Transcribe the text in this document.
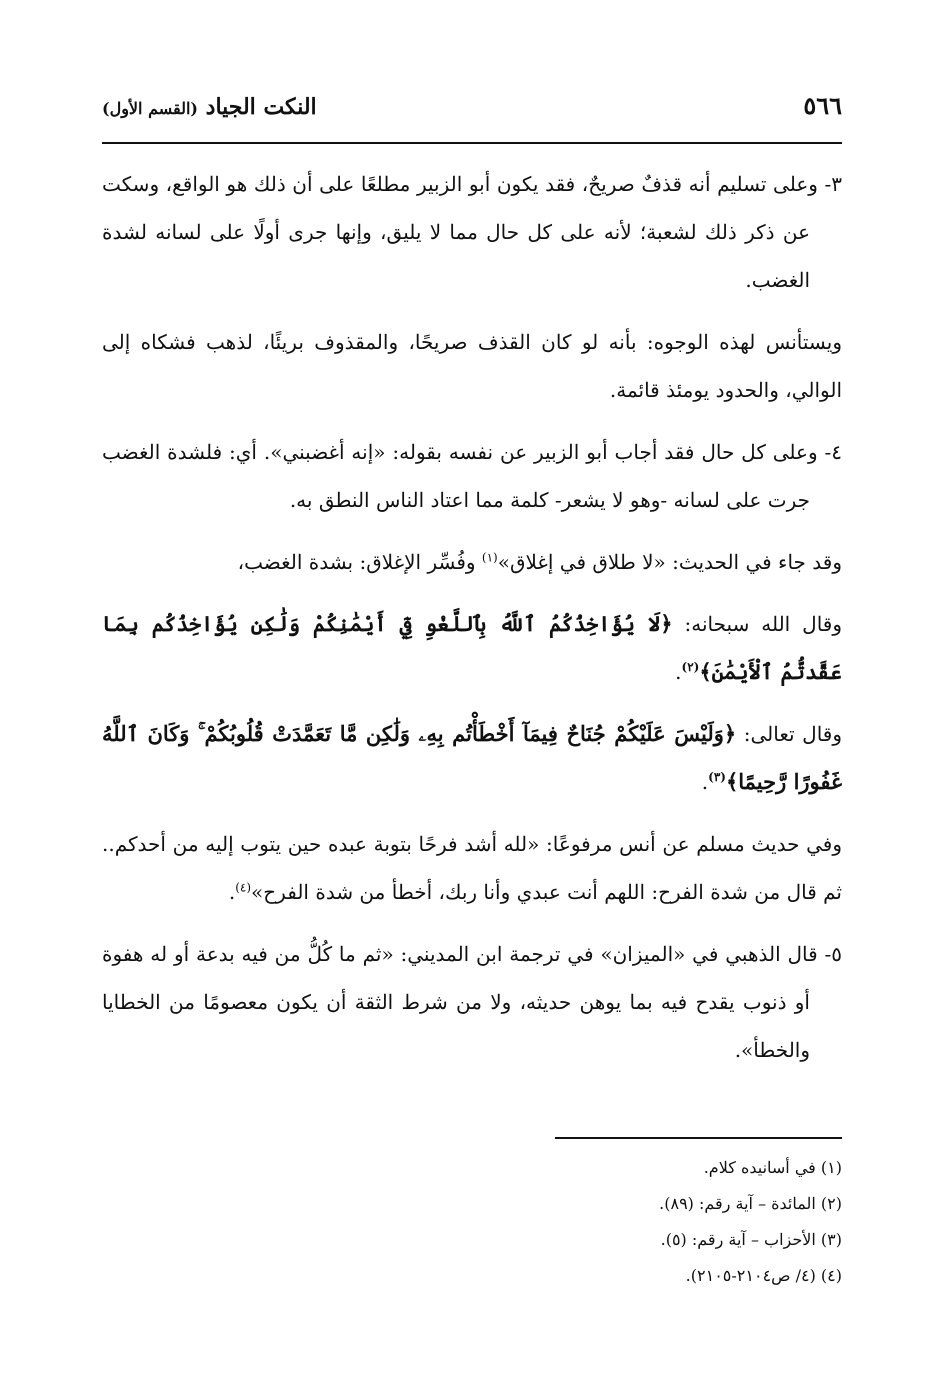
٥٦٦
النكت الجياد (القسم الأول)

٣- وعلى تسليم أنه قذفٌ صريحٌ، فقد يكون أبو الزبير مطلعًا على أن ذلك هو الواقع، وسكت عن ذكر ذلك لشعبة؛ لأنه على كل حال مما لا يليق، وإنها جرى أولًا على لسانه لشدة الغضب.

ويستأنس لهذه الوجوه: بأنه لو كان القذف صريحًا، والمقذوف بريئًا، لذهب فشكاه إلى الوالي، والحدود يومئذ قائمة.

٤- وعلى كل حال فقد أجاب أبو الزبير عن نفسه بقوله: «إنه أغضبني». أي: فلشدة الغضب جرت على لسانه -وهو لا يشعر- كلمة مما اعتاد الناس النطق به.

وقد جاء في الحديث: «لا طلاق في إغلاق»$^{(١)}$ وفُسِّر الإغلاق: بشدة الغضب،

وقال الله سبحانه: ﴿لَا يُؤَاخِذُكُمُ ٱللَّهُ بِٱللَّغْوِ فِيٓ أَيْمَٰنِكُمْ وَلَٰكِن يُؤَاخِذُكُم بِمَا عَقَّدتُّمُ ٱلْأَيْمَٰنَ﴾$^{(٢)}$.

وقال تعالى: ﴿وَلَيْسَ عَلَيْكُمْ جُنَاحٌ فِيمَآ أَخْطَأْتُم بِهِۦ وَلَٰكِن مَّا تَعَمَّدَتْ قُلُوبُكُمْ ۚ وَكَانَ ٱللَّهُ غَفُورًا رَّحِيمًا﴾$^{(٣)}$.

وفي حديث مسلم عن أنس مرفوعًا: «لله أشد فرحًا بتوبة عبده حين يتوب إليه من أحدكم.. ثم قال من شدة الفرح: اللهم أنت عبدي وأنا ربك، أخطأ من شدة الفرح»$^{(٤)}$.

٥- قال الذهبي في «الميزان» في ترجمة ابن المديني: «ثم ما كُلُّ من فيه بدعة أو له هفوة أو ذنوب يقدح فيه بما يوهن حديثه، ولا من شرط الثقة أن يكون معصومًا من الخطايا والخطأ».

(١) في أسانيده كلام.

(٢) المائدة – آية رقم: (٨٩).

(٣) الأحزاب – آية رقم: (٥).

(٤) (٤/ ص٢١٠٤-٢١٠٥).
